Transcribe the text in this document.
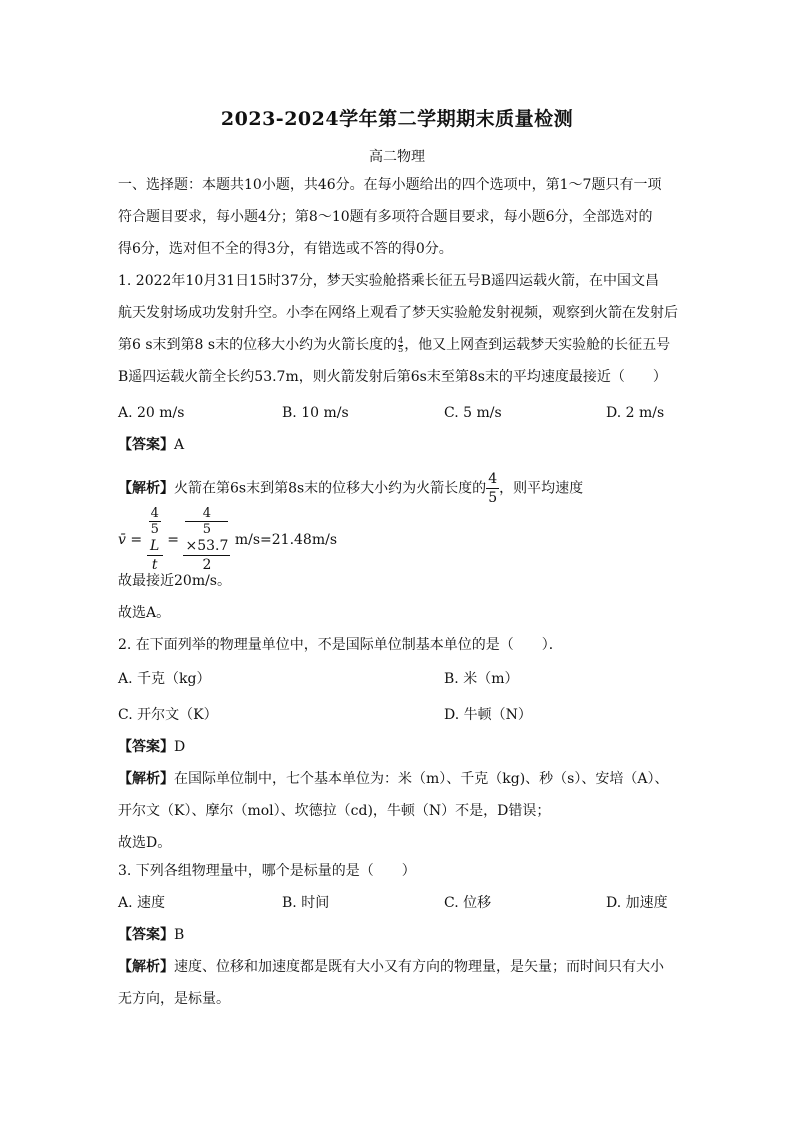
2023-2024学年第二学期期末质量检测
高二物理
一、选择题：本题共10小题，共46分。在每小题给出的四个选项中，第1～7题只有一项
符合题目要求，每小题4分；第8～10题有多项符合题目要求，每小题6分，全部选对的
得6分，选对但不全的得3分，有错选或不答的得0分。
1. 2022年10月31日15时37分，梦天实验舱搭乘长征五号B遥四运载火箭，在中国文昌
航天发射场成功发射升空。小李在网络上观看了梦天实验舱发射视频，观察到火箭在发射后
第6 s末到第8 s末的位移大小约为火箭长度的 $\frac{4}{5}$ ，他又上网查到运载梦天实验舱的长征五号
B遥四运载火箭全长约53.7m，则火箭发射后第6s末至第8s末的平均速度最接近（　　）
A. 20 m/s	B. 10 m/s	C. 5 m/s	D. 2 m/s
【答案】A
【解析】火箭在第6s末到第8s末的位移大小约为火箭长度的 $\frac{4}{5}$ ，则平均速度
v̄ = 4
5
L
t = 4
5
×53.7
2 m/s=21.48m/s
故最接近20m/s。
故选A。
2. 在下面列举的物理量单位中，不是国际单位制基本单位的是（　　）．
A. 千克（kg）	B. 米（m）
C. 开尔文（K）	D. 牛顿（N）
【答案】D
【解析】在国际单位制中，七个基本单位为：米（m）、千克（kg)、秒（s）、安培（A）、
开尔文（K）、摩尔（mol）、坎德拉（cd)，牛顿（N）不是，D错误；
故选D。
3. 下列各组物理量中，哪个是标量的是（　　）
A. 速度	B. 时间	C. 位移	D. 加速度
【答案】B
【解析】速度、位移和加速度都是既有大小又有方向的物理量，是矢量；而时间只有大小
无方向，是标量。
